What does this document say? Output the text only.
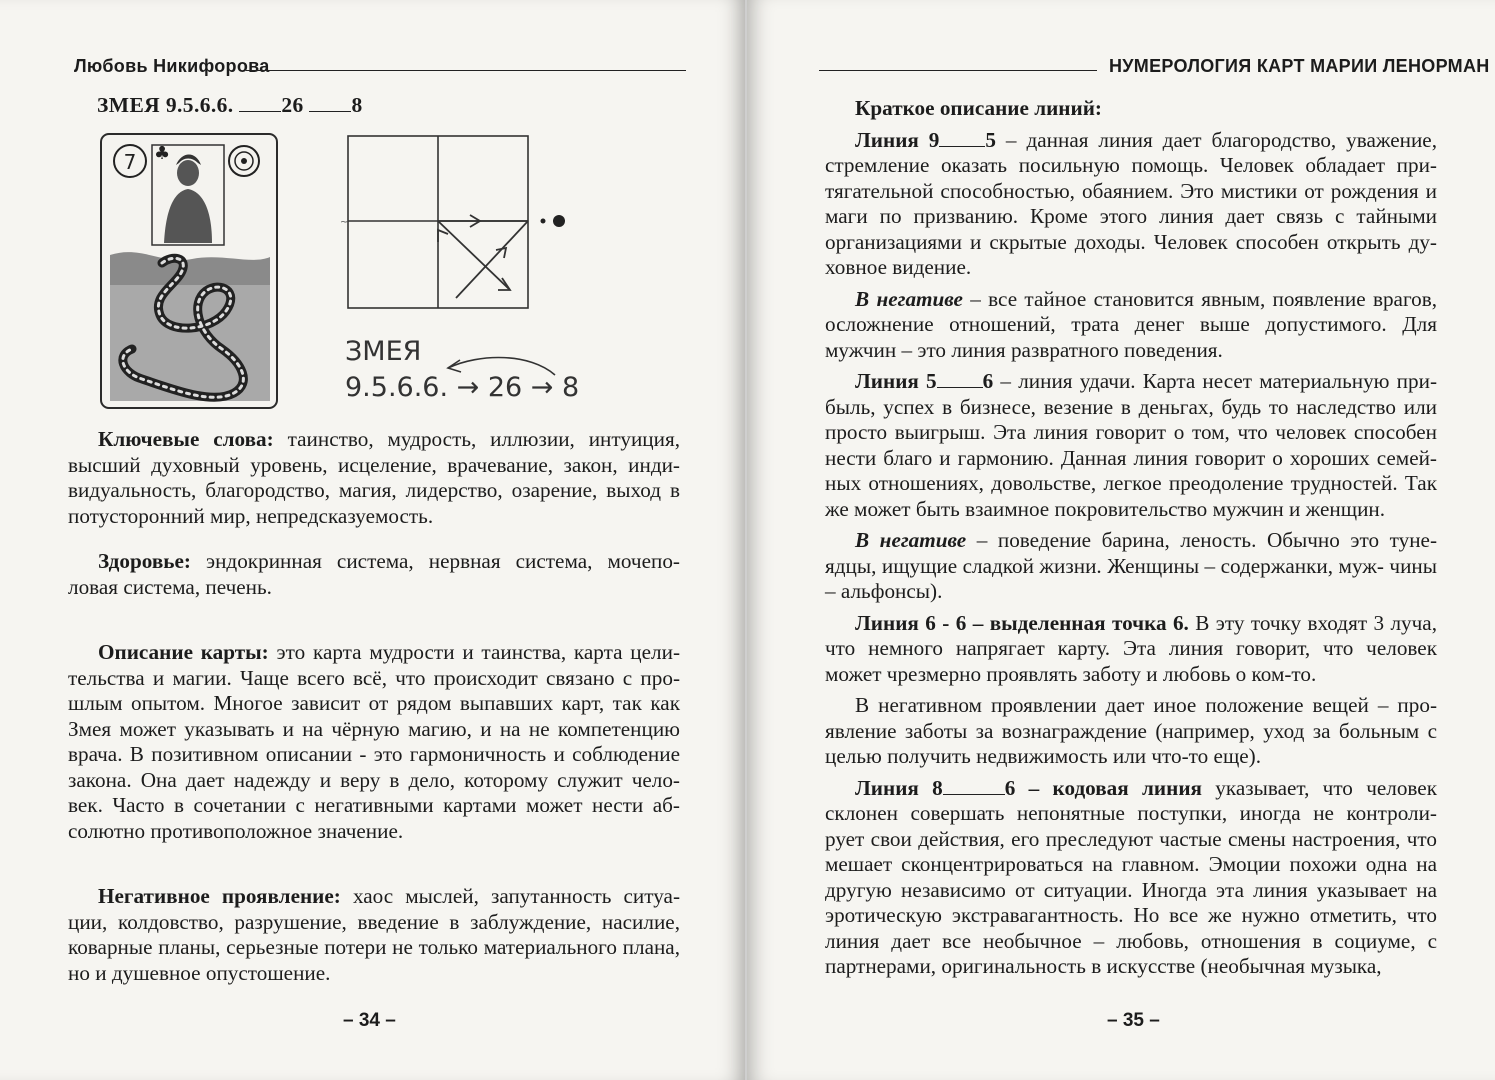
Любовь Никифорова
ЗМЕЯ 9.5.6.6. 26 8
7 ♣
~
ЗМЕЯ
9.5.6.6. → 26 → 8

Ключевые слова: таинство, мудрость, иллюзии, интуиция, высший духовный уровень, исцеление, врачевание, закон, инди- видуальность, благородство, магия, лидерство, озарение, выход в потусторонний мир, непредсказуемость.

Здоровье: эндокринная система, нервная система, мочепо- ловая система, печень.

Описание карты: это карта мудрости и таинства, карта цели- тельства и магии. Чаще всего всё, что происходит связано с про- шлым опытом. Многое зависит от рядом выпавших карт, так как Змея может указывать и на чёрную магию, и на не компетенцию врача. В позитивном описании - это гармоничность и соблюдение закона. Она дает надежду и веру в дело, которому служит чело- век. Часто в сочетании с негативными картами может нести аб- солютно противоположное значение.

Негативное проявление: хаос мыслей, запутанность ситуа- ции, колдовство, разрушение, введение в заблуждение, насилие, коварные планы, серьезные потери не только материального плана, но и душевное опустошение.

– 34 –
НУМЕРОЛОГИЯ КАРТ МАРИИ ЛЕНОРМАН

Краткое описание линий:

Линия 9 5 – данная линия дает благородство, уважение, стремление оказать посильную помощь. Человек обладает при- тягательной способностью, обаянием. Это мистики от рождения и маги по призванию. Кроме этого линия дает связь с тайными организациями и скрытые доходы. Человек способен открыть ду- ховное видение.

В негативе – все тайное становится явным, появление врагов, осложнение отношений, трата денег выше допустимого. Для мужчин – это линия развратного поведения.

Линия 5 6 – линия удачи. Карта несет материальную при- быль, успех в бизнесе, везение в деньгах, будь то наследство или просто выигрыш. Эта линия говорит о том, что человек способен нести благо и гармонию. Данная линия говорит о хороших семей- ных отношениях, довольстве, легкое преодоление трудностей. Так же может быть взаимное покровительство мужчин и женщин.

В негативе – поведение барина, леность. Обычно это туне- ядцы, ищущие сладкой жизни. Женщины – содержанки, муж- чины – альфонсы).

Линия 6 - 6 – выделенная точка 6. В эту точку входят 3 луча, что немного напрягает карту. Эта линия говорит, что человек может чрезмерно проявлять заботу и любовь о ком-то.

В негативном проявлении дает иное положение вещей – про- явление заботы за вознаграждение (например, уход за больным с целью получить недвижимость или что-то еще).

Линия 8	6 – кодовая линия указывает, что человек склонен совершать непонятные поступки, иногда не контроли- рует свои действия, его преследуют частые смены настроения, что мешает сконцентрироваться на главном. Эмоции похожи одна на другую независимо от ситуации. Иногда эта линия указывает на эротическую экстравагантность. Но все же нужно отметить, что линия дает все необычное – любовь, отношения в социуме, с партнерами, оригинальность в искусстве (необычная музыка,

– 35 –
